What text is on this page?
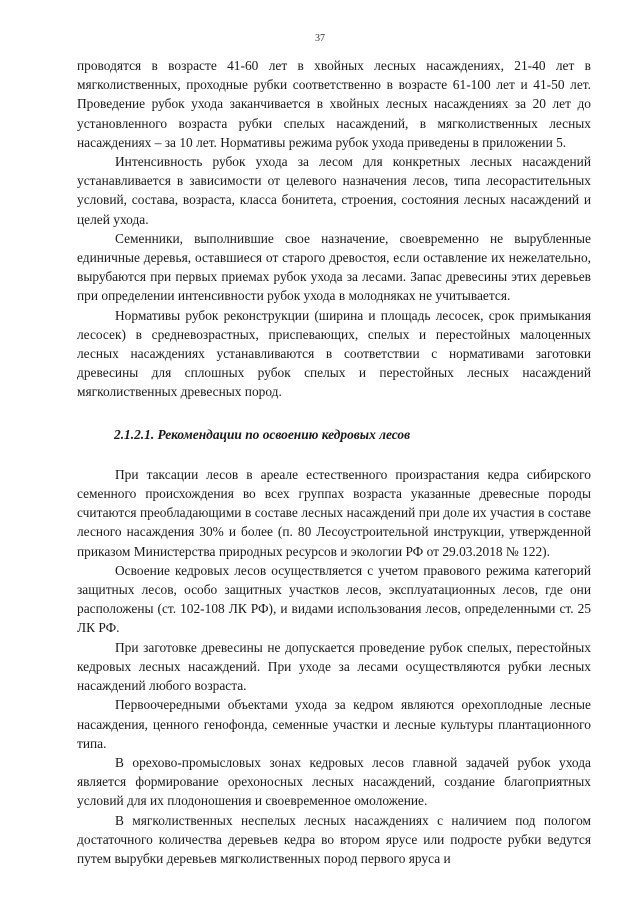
37

проводятся в возрасте 41-60 лет в хвойных лесных насаждениях, 21-40 лет в мягколиственных, проходные рубки соответственно в возрасте 61-100 лет и 41-50 лет. Проведение рубок ухода заканчивается в хвойных лесных насаждениях за 20 лет до установленного возраста рубки спелых насаждений, в мягколиственных лесных насаждениях – за 10 лет. Нормативы режима рубок ухода приведены в приложении 5.

Интенсивность рубок ухода за лесом для конкретных лесных насаждений устанавливается в зависимости от целевого назначения лесов, типа лесорастительных условий, состава, возраста, класса бонитета, строения, состояния лесных насаждений и целей ухода.

Семенники, выполнившие свое назначение, своевременно не вырубленные единичные деревья, оставшиеся от старого древостоя, если оставление их нежелательно, вырубаются при первых приемах рубок ухода за лесами. Запас древесины этих деревьев при определении интенсивности рубок ухода в молодняках не учитывается.

Нормативы рубок реконструкции (ширина и площадь лесосек, срок примыкания лесосек) в средневозрастных, приспевающих, спелых и перестойных малоценных лесных насаждениях устанавливаются в соответствии с нормативами заготовки древесины для сплошных рубок спелых и перестойных лесных насаждений мягколиственных древесных пород.

2.1.2.1. Рекомендации по освоению кедровых лесов

При таксации лесов в ареале естественного произрастания кедра сибирского семенного происхождения во всех группах возраста указанные древесные породы считаются преобладающими в составе лесных насаждений при доле их участия в составе лесного насаждения 30% и более (п. 80 Лесоустроительной инструкции, утвержденной приказом Министерства природных ресурсов и экологии РФ от 29.03.2018 № 122).

Освоение кедровых лесов осуществляется с учетом правового режима категорий защитных лесов, особо защитных участков лесов, эксплуатационных лесов, где они расположены (ст. 102-108 ЛК РФ), и видами использования лесов, определенными ст. 25 ЛК РФ.

При заготовке древесины не допускается проведение рубок спелых, перестойных кедровых лесных насаждений. При уходе за лесами осуществляются рубки лесных насаждений любого возраста.

Первоочередными объектами ухода за кедром являются орехоплодные лесные насаждения, ценного генофонда, семенные участки и лесные культуры плантационного типа.

В орехово-промысловых зонах кедровых лесов главной задачей рубок ухода является формирование орехоносных лесных насаждений, создание благоприятных условий для их плодоношения и своевременное омоложение.

В мягколиственных неспелых лесных насаждениях с наличием под пологом достаточного количества деревьев кедра во втором ярусе или подросте рубки ведутся путем вырубки деревьев мягколиственных пород первого яруса и
